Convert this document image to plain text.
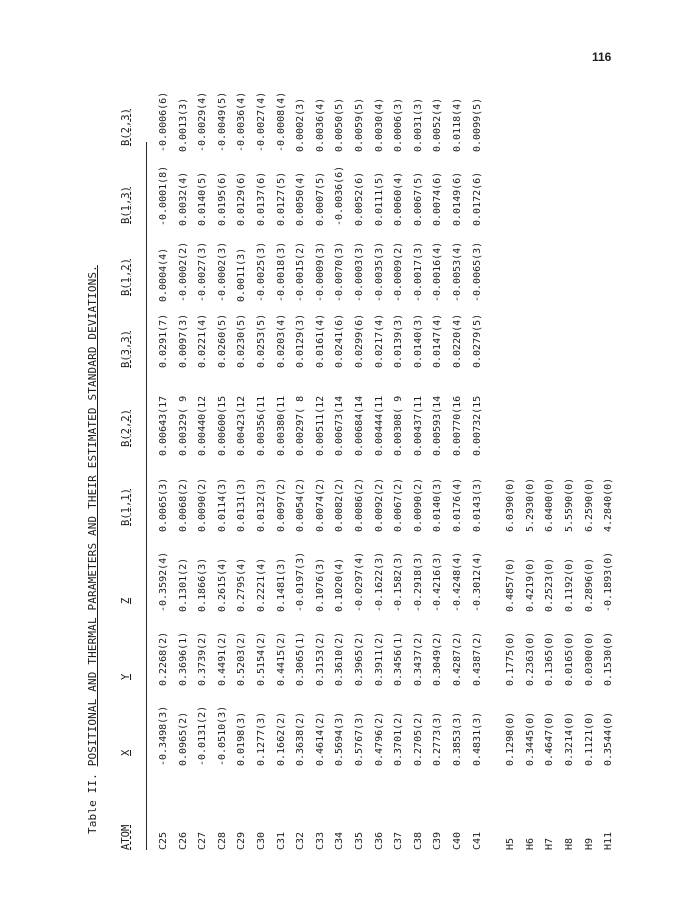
116
Table II. POSITIONAL AND THERMAL PARAMETERS AND THEIR ESTIMATED STANDARD DEVIATIONS.
ATOM
X
Y
Z
B(1,1)
B(2,2)
B(3,3)
B(1,2)
B(1,3)
B(2,3)
C25
-0.3498(3)
0.2268(2)
-0.3592(4)
0.0065(3)
0.00643(17
0.0291(7)
0.0004(4)
-0.0001(8)
-0.0006(6)
C26
0.0965(2)
0.3696(1)
0.1301(2)
0.0068(2)
0.00329( 9
0.0097(3)
-0.0002(2)
0.0032(4)
0.0013(3)
C27
-0.0131(2)
0.3739(2)
0.1866(3)
0.0090(2)
0.00440(12
0.0221(4)
-0.0027(3)
0.0140(5)
-0.0029(4)
C28
-0.0510(3)
0.4491(2)
0.2615(4)
0.0114(3)
0.00600(15
0.0260(5)
-0.0002(3)
0.0195(6)
-0.0049(5)
C29
0.0198(3)
0.5203(2)
0.2795(4)
0.0131(3)
0.00423(12
0.0230(5)
0.0011(3)
0.0129(6)
-0.0036(4)
C30
0.1277(3)
0.5154(2)
0.2221(4)
0.0132(3)
0.00356(11
0.0253(5)
-0.0025(3)
0.0137(6)
-0.0027(4)
C31
0.1662(2)
0.4415(2)
0.1481(3)
0.0097(2)
0.00380(11
0.0203(4)
-0.0018(3)
0.0127(5)
-0.0008(4)
C32
0.3638(2)
0.3065(1)
-0.0197(3)
0.0054(2)
0.00297( 8
0.0129(3)
-0.0015(2)
0.0050(4)
0.0002(3)
C33
0.4614(2)
0.3153(2)
0.1076(3)
0.0074(2)
0.00511(12
0.0161(4)
-0.0009(3)
0.0007(5)
0.0036(4)
C34
0.5694(3)
0.3610(2)
0.1020(4)
0.0082(2)
0.00673(14
0.0241(6)
-0.0070(3)
-0.0036(6)
0.0050(5)
C35
0.5767(3)
0.3965(2)
-0.0297(4)
0.0086(2)
0.00684(14
0.0299(6)
-0.0003(3)
0.0052(6)
0.0059(5)
C36
0.4796(2)
0.3911(2)
-0.1622(3)
0.0092(2)
0.00444(11
0.0217(4)
-0.0035(3)
0.0111(5)
0.0030(4)
C37
0.3701(2)
0.3456(1)
-0.1582(3)
0.0067(2)
0.00308( 9
0.0139(3)
-0.0009(2)
0.0060(4)
0.0006(3)
C38
0.2705(2)
0.3437(2)
-0.2918(3)
0.0090(2)
0.00437(11
0.0140(3)
-0.0017(3)
0.0067(5)
0.0031(3)
C39
0.2773(3)
0.3049(2)
-0.4216(3)
0.0140(3)
0.00593(14
0.0147(4)
-0.0016(4)
0.0074(6)
0.0052(4)
C40
0.3853(3)
0.4287(2)
-0.4248(4)
0.0176(4)
0.00770(16
0.0220(4)
-0.0053(4)
0.0149(6)
0.0118(4)
C41
0.4831(3)
0.4387(2)
-0.3012(4)
0.0143(3)
0.00732(15
0.0279(5)
-0.0065(3)
0.0172(6)
0.0099(5)
H5
0.1298(0)
0.1775(0)
0.4857(0)
6.0390(0)
H6
0.3445(0)
0.2363(0)
0.4219(0)
5.2930(0)
H7
0.4647(0)
0.1365(0)
0.2523(0)
6.0400(0)
H8
0.3214(0)
0.0165(0)
0.1192(0)
5.5590(0)
H9
0.1121(0)
0.0300(0)
0.2896(0)
6.2590(0)
H11
0.3544(0)
0.1530(0)
-0.1893(0)
4.2840(0)
